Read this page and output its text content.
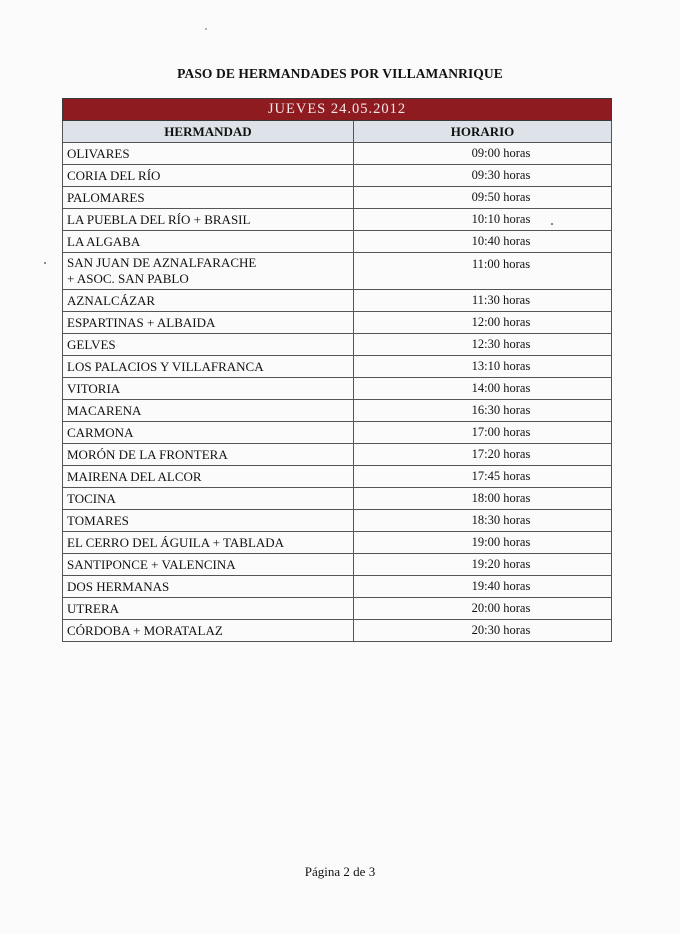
PASO DE HERMANDADES POR VILLAMANRIQUE
JUEVES 24.05.2012	
HERMANDAD	HORARIO

OLIVARES	09:00 horas

CORIA DEL RÍO	09:30 horas

PALOMARES	09:50 horas

LA PUEBLA DEL RÍO + BRASIL	10:10 horas

LA ALGABA	10:40 horas

SAN JUAN DE AZNALFARACHE
+ ASOC. SAN PABLO	11:00 horas

AZNALCÁZAR	11:30 horas

ESPARTINAS + ALBAIDA	12:00 horas

GELVES	12:30 horas

LOS PALACIOS Y VILLAFRANCA	13:10 horas

VITORIA	14:00 horas

MACARENA	16:30 horas

CARMONA	17:00 horas

MORÓN DE LA FRONTERA	17:20 horas

MAIRENA DEL ALCOR	17:45 horas

TOCINA	18:00 horas

TOMARES	18:30 horas

EL CERRO DEL ÁGUILA + TABLADA	19:00 horas

SANTIPONCE + VALENCINA	19:20 horas

DOS HERMANAS	19:40 horas

UTRERA	20:00 horas

CÓRDOBA + MORATALAZ	20:30 horas
Página 2 de 3
